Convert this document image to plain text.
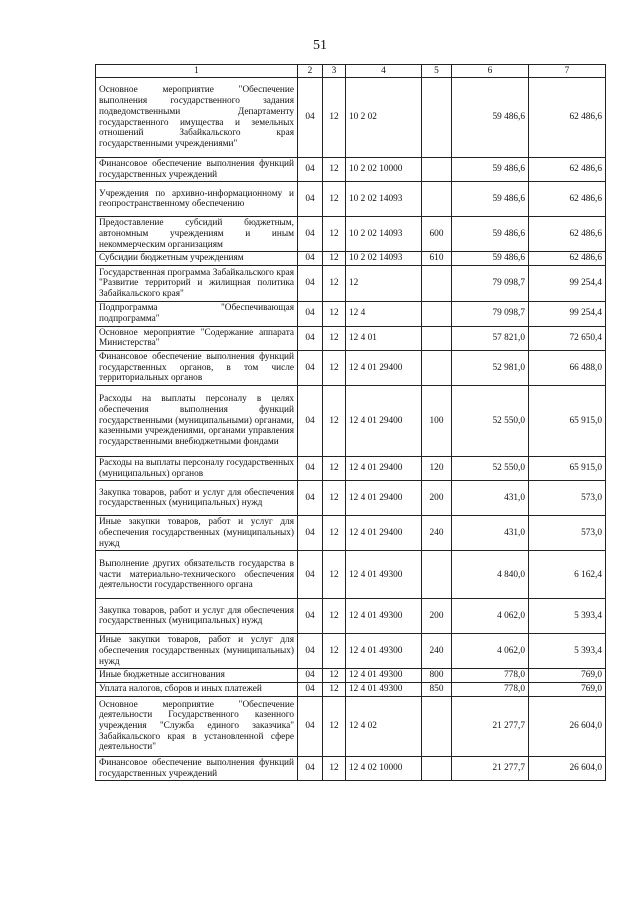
51
1	2	3	4	5	6	7
Основное мероприятие "Обеспечение выполнения государственного задания подведомственными Департаменту государственного имущества и земельных отношений Забайкальского края государственными учреждениями"	04	12	10 2 02		59 486,6	62 486,6
Финансовое обеспечение выполнения функций государственных учреждений	04	12	10 2 02 10000		59 486,6	62 486,6
Учреждения по архивно-информационному и геопространственному обеспечению	04	12	10 2 02 14093		59 486,6	62 486,6
Предоставление субсидий бюджетным, автономным учреждениям и иным некоммерческим организациям	04	12	10 2 02 14093	600	59 486,6	62 486,6
Субсидии бюджетным учреждениям	04	12	10 2 02 14093	610	59 486,6	62 486,6
Государственная программа Забайкальского края "Развитие территорий и жилищная политика Забайкальского края"	04	12	12		79 098,7	99 254,4
Подпрограмма "Обеспечивающая подпрограмма"	04	12	12 4		79 098,7	99 254,4
Основное мероприятие "Содержание аппарата Министерства"	04	12	12 4 01		57 821,0	72 650,4
Финансовое обеспечение выполнения функций государственных органов, в том числе территориальных органов	04	12	12 4 01 29400		52 981,0	66 488,0
Расходы на выплаты персоналу в целях обеспечения выполнения функций государственными (муниципальными) органами, казенными учреждениями, органами управления государственными внебюджетными фондами	04	12	12 4 01 29400	100	52 550,0	65 915,0
Расходы на выплаты персоналу государственных (муниципальных) органов	04	12	12 4 01 29400	120	52 550,0	65 915,0
Закупка товаров, работ и услуг для обеспечения государственных (муниципальных) нужд	04	12	12 4 01 29400	200	431,0	573,0
Иные закупки товаров, работ и услуг для обеспечения государственных (муниципальных) нужд	04	12	12 4 01 29400	240	431,0	573,0
Выполнение других обязательств государства в части материально-технического обеспечения деятельности государственного органа	04	12	12 4 01 49300		4 840,0	6 162,4
Закупка товаров, работ и услуг для обеспечения государственных (муниципальных) нужд	04	12	12 4 01 49300	200	4 062,0	5 393,4
Иные закупки товаров, работ и услуг для обеспечения государственных (муниципальных) нужд	04	12	12 4 01 49300	240	4 062,0	5 393,4
Иные бюджетные ассигнования	04	12	12 4 01 49300	800	778,0	769,0
Уплата налогов, сборов и иных платежей	04	12	12 4 01 49300	850	778,0	769,0
Основное мероприятие "Обеспечение деятельности Государственного казенного учреждения "Служба единого заказчика" Забайкальского края в установленной сфере деятельности"	04	12	12 4 02		21 277,7	26 604,0
Финансовое обеспечение выполнения функций государственных учреждений	04	12	12 4 02 10000		21 277,7	26 604,0
